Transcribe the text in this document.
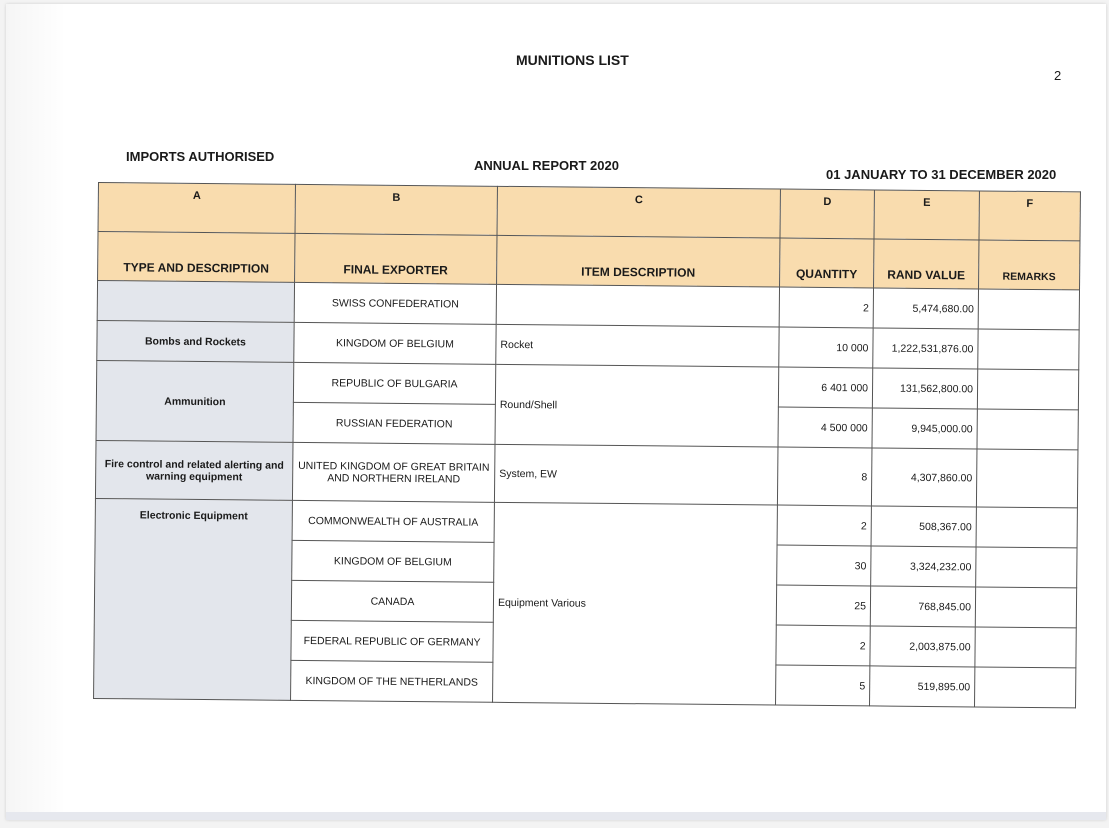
MUNITIONS LIST
2
IMPORTS AUTHORISED
ANNUAL REPORT 2020
01 JANUARY TO 31 DECEMBER 2020
A	B	C	D	E	F
TYPE AND DESCRIPTION	FINAL EXPORTER	ITEM DESCRIPTION	QUANTITY	RAND VALUE	REMARKS
	SWISS CONFEDERATION		2	5,474,680.00	
Bombs and Rockets	KINGDOM OF BELGIUM	Rocket	10 000	1,222,531,876.00	
Ammunition	REPUBLIC OF BULGARIA	Round/Shell	6 401 000	131,562,800.00	
	RUSSIAN FEDERATION		4 500 000	9,945,000.00	
Fire control and related alerting and warning equipment	UNITED KINGDOM OF GREAT BRITAIN AND NORTHERN IRELAND	System, EW	8	4,307,860.00	
Electronic Equipment	COMMONWEALTH OF AUSTRALIA	Equipment Various	2	508,367.00	
	KINGDOM OF BELGIUM		30	3,324,232.00	
	CANADA		25	768,845.00	
	FEDERAL REPUBLIC OF GERMANY		2	2,003,875.00	
	KINGDOM OF THE NETHERLANDS		5	519,895.00	
